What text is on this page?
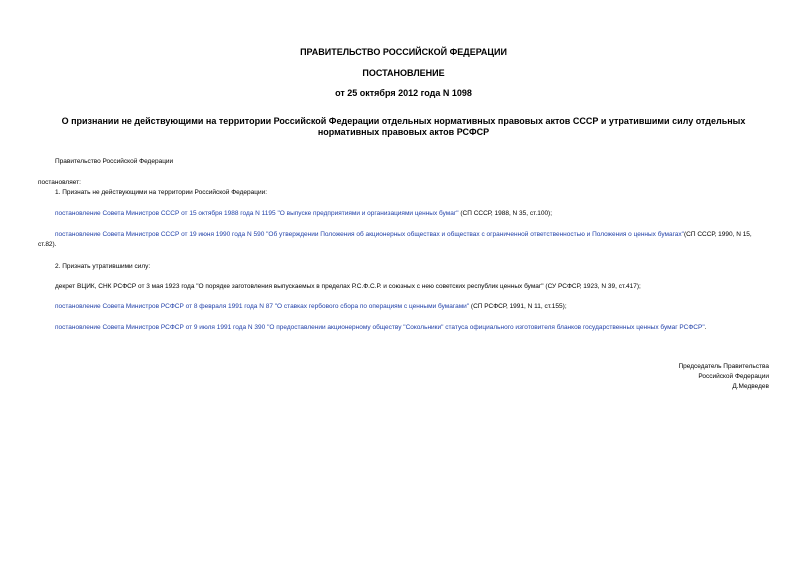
ПРАВИТЕЛЬСТВО РОССИЙСКОЙ ФЕДЕРАЦИИ
ПОСТАНОВЛЕНИЕ
от 25 октября 2012 года N 1098
О признании не действующими на территории Российской Федерации отдельных нормативных правовых актов СССР и утратившими силу отдельных нормативных правовых актов РСФСР
Правительство Российской Федерации
постановляет:
1. Признать не действующими на территории Российской Федерации:
постановление Совета Министров СССР от 15 октября 1988 года N 1195 "О выпуске предприятиями и организациями ценных бумаг" (СП СССР, 1988, N 35, ст.100);
постановление Совета Министров СССР от 19 июня 1990 года N 590 "Об утверждении Положения об акционерных обществах и обществах с ограниченной ответственностью и Положения о ценных бумагах"(СП СССР, 1990, N 15, ст.82).
2. Признать утратившими силу:
декрет ВЦИК, СНК РСФСР от 3 мая 1923 года "О порядке заготовления выпускаемых в пределах Р.С.Ф.С.Р. и союзных с нею советских республик ценных бумаг" (СУ РСФСР, 1923, N 39, ст.417);
постановление Совета Министров РСФСР от 8 февраля 1991 года N 87 "О ставках гербового сбора по операциям с ценными бумагами" (СП РСФСР, 1991, N 11, ст.155);
постановление Совета Министров РСФСР от 9 июля 1991 года N 390 "О предоставлении акционерному обществу "Сокольники" статуса официального изготовителя бланков государственных ценных бумаг РСФСР".
Председатель Правительства
Российской Федерации
Д.Медведев
